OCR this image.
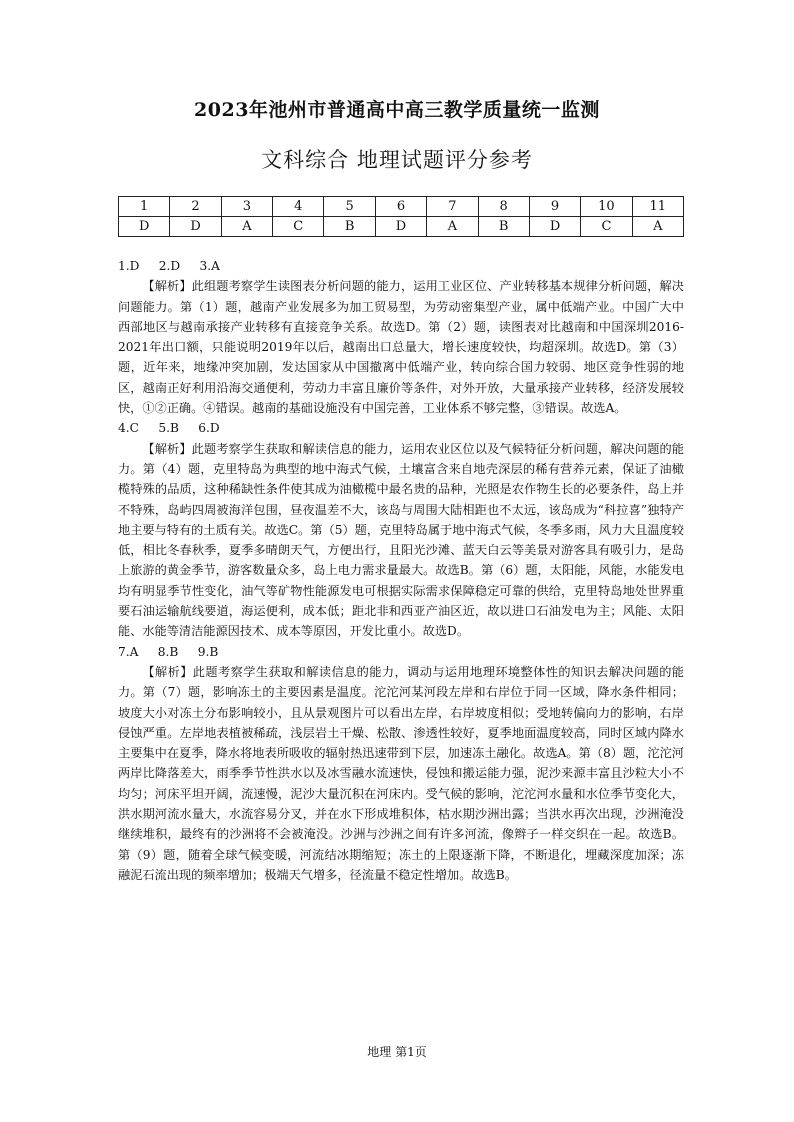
2023年池州市普通高中高三教学质量统一监测
文科综合 地理试题评分参考
1	2	3	4	5	6	7	8	9	10	11
D	D	A	C	B	D	A	B	D	C	A

1.D     2.D     3.A

【解析】此组题考察学生读图表分析问题的能力，运用工业区位、产业转移基本规律分析问题，解决问题能力。第（1）题，越南产业发展多为加工贸易型，为劳动密集型产业，属中低端产业。中国广大中西部地区与越南承接产业转移有直接竞争关系。故选D。第（2）题，读图表对比越南和中国深圳2016-2021年出口额，只能说明2019年以后，越南出口总量大，增长速度较快，均超深圳。故选D。第（3）题，近年来，地缘冲突加剧，发达国家从中国撤离中低端产业，转向综合国力较弱、地区竞争性弱的地区，越南正好利用沿海交通便利，劳动力丰富且廉价等条件，对外开放，大量承接产业转移，经济发展较快，①②正确。④错误。越南的基础设施没有中国完善，工业体系不够完整，③错误。故选A。

4.C     5.B     6.D

【解析】此题考察学生获取和解读信息的能力，运用农业区位以及气候特征分析问题，解决问题的能力。第（4）题，克里特岛为典型的地中海式气候，土壤富含来自地壳深层的稀有营养元素，保证了油橄榄特殊的品质，这种稀缺性条件使其成为油橄榄中最名贵的品种，光照是农作物生长的必要条件，岛上并不特殊，岛屿四周被海洋包围，昼夜温差不大，该岛与周围大陆相距也不太远，该岛成为“科拉喜”独特产地主要与特有的土质有关。故选C。第（5）题，克里特岛属于地中海式气候，冬季多雨，风力大且温度较低，相比冬春秋季，夏季多晴朗天气，方便出行，且阳光沙滩、蓝天白云等美景对游客具有吸引力，是岛上旅游的黄金季节，游客数量众多，岛上电力需求量最大。故选B。第（6）题，太阳能，风能，水能发电均有明显季节性变化，油气等矿物性能源发电可根据实际需求保障稳定可靠的供给，克里特岛地处世界重要石油运输航线要道，海运便利，成本低；距北非和西亚产油区近，故以进口石油发电为主；风能、太阳能、水能等清洁能源因技术、成本等原因，开发比重小。故选D。

7.A     8.B     9.B

【解析】此题考察学生获取和解读信息的能力，调动与运用地理环境整体性的知识去解决问题的能力。第（7）题，影响冻土的主要因素是温度。沱沱河某河段左岸和右岸位于同一区域，降水条件相同；坡度大小对冻土分布影响较小，且从景观图片可以看出左岸，右岸坡度相似；受地转偏向力的影响，右岸侵蚀严重。左岸地表植被稀疏，浅层岩土干燥、松散、渗透性较好，夏季地面温度较高，同时区域内降水主要集中在夏季，降水将地表所吸收的辐射热迅速带到下层，加速冻土融化。故选A。第（8）题，沱沱河两岸比降落差大，雨季季节性洪水以及冰雪融水流速快，侵蚀和搬运能力强，泥沙来源丰富且沙粒大小不均匀；河床平坦开阔，流速慢，泥沙大量沉积在河床内。受气候的影响，沱沱河水量和水位季节变化大，洪水期河流水量大，水流容易分叉，并在水下形成堆积体，枯水期沙洲出露；当洪水再次出现，沙洲淹没继续堆积，最终有的沙洲将不会被淹没。沙洲与沙洲之间有许多河流，像辫子一样交织在一起。故选B。第（9）题，随着全球气候变暖，河流结冰期缩短；冻土的上限逐渐下降，不断退化，埋藏深度加深；冻融泥石流出现的频率增加；极端天气增多，径流量不稳定性增加。故选B。

地理 第1页
